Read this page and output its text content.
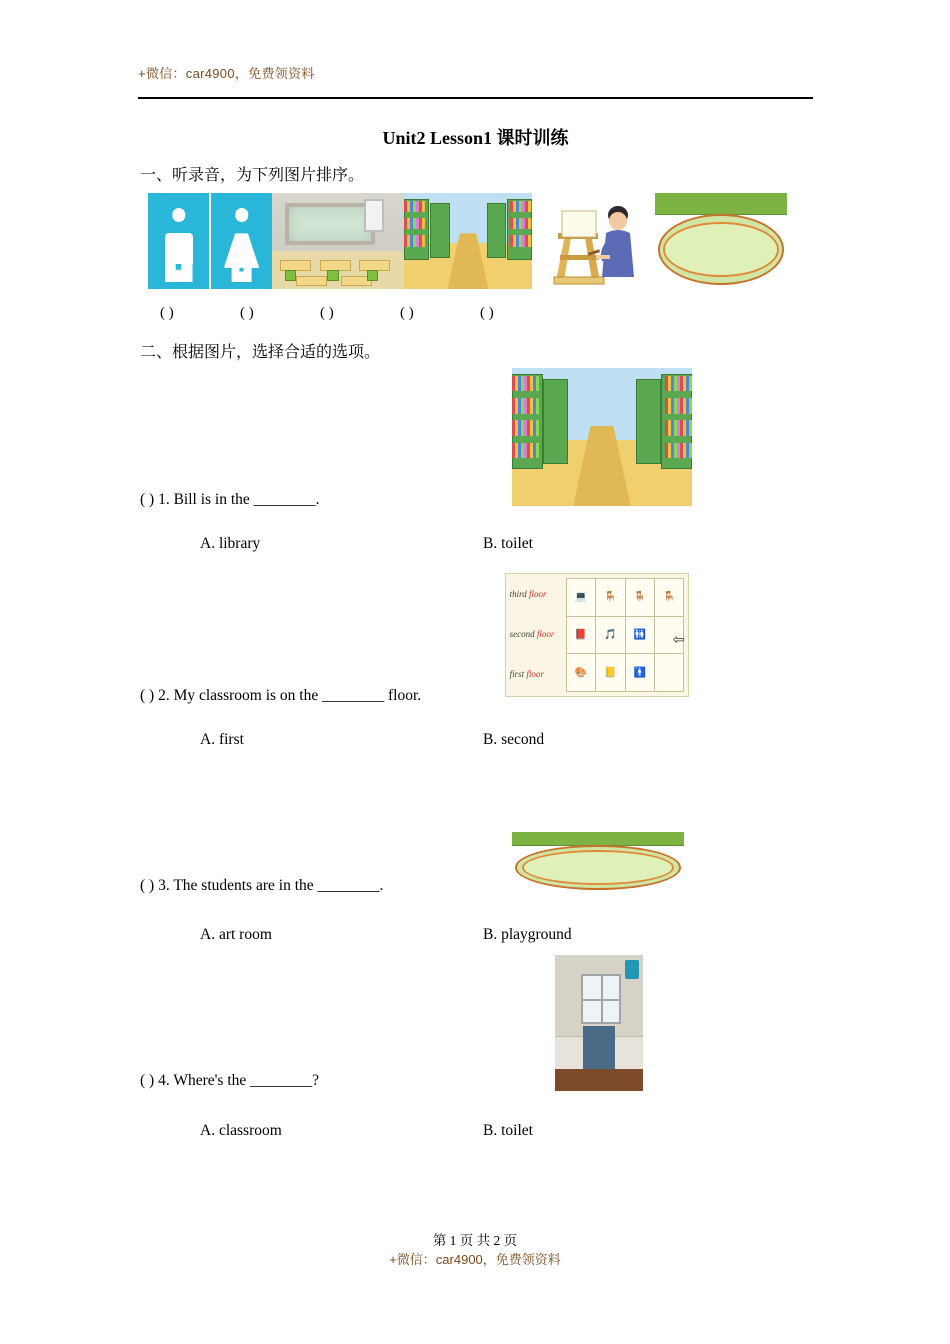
+微信：car4900，免费领资料
Unit2 Lesson1 课时训练
一、听录音，为下列图片排序。
( )	( )	( )	( )	( )
二、根据图片，选择合适的选项。
( ) 1. Bill is in the ________.
A. library	B. toilet
third floor
second floor
first floor
💻 🪑 🪑 🪑
📕 🎵 🚻 ⇦
🎨 📒 🚹
( ) 2. My classroom is on the ________ floor.
A. first	B. second
( ) 3. The students are in the ________.
A. art room	B. playground
( ) 4. Where's the ________?
A. classroom	B. toilet
第 1 页 共 2 页
+微信：car4900，免费领资料
